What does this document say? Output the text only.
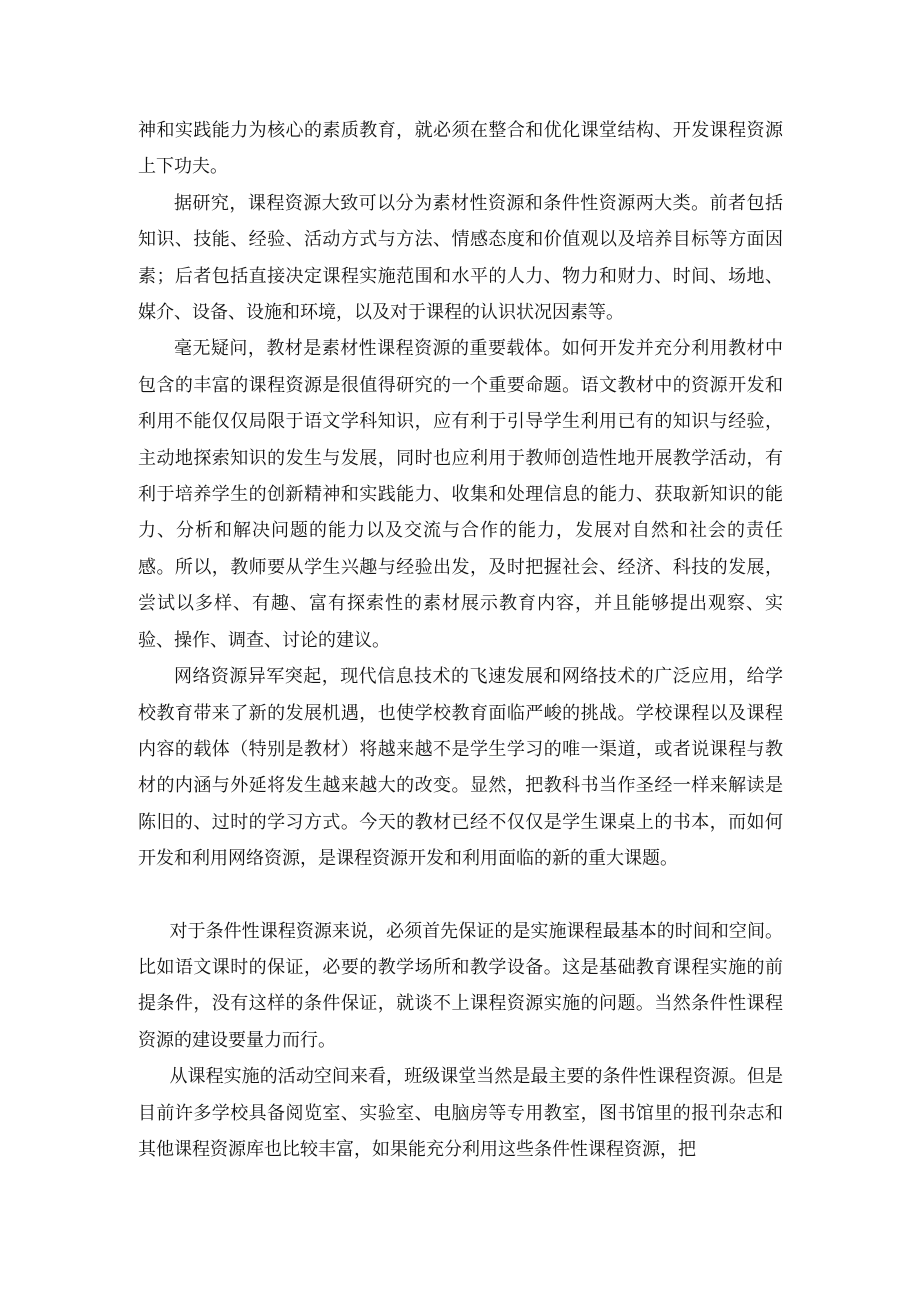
神和实践能力为核心的素质教育，就必须在整合和优化课堂结构、开发课程资源上下功夫。

据研究，课程资源大致可以分为素材性资源和条件性资源两大类。前者包括知识、技能、经验、活动方式与方法、情感态度和价值观以及培养目标等方面因素；后者包括直接决定课程实施范围和水平的人力、物力和财力、时间、场地、媒介、设备、设施和环境，以及对于课程的认识状况因素等。

毫无疑问，教材是素材性课程资源的重要载体。如何开发并充分利用教材中包含的丰富的课程资源是很值得研究的一个重要命题。语文教材中的资源开发和利用不能仅仅局限于语文学科知识，应有利于引导学生利用已有的知识与经验，主动地探索知识的发生与发展，同时也应利用于教师创造性地开展教学活动，有利于培养学生的创新精神和实践能力、收集和处理信息的能力、获取新知识的能力、分析和解决问题的能力以及交流与合作的能力，发展对自然和社会的责任感。所以，教师要从学生兴趣与经验出发，及时把握社会、经济、科技的发展，尝试以多样、有趣、富有探索性的素材展示教育内容，并且能够提出观察、实验、操作、调查、讨论的建议。

网络资源异军突起，现代信息技术的飞速发展和网络技术的广泛应用，给学校教育带来了新的发展机遇，也使学校教育面临严峻的挑战。学校课程以及课程内容的载体（特别是教材）将越来越不是学生学习的唯一渠道，或者说课程与教材的内涵与外延将发生越来越大的改变。显然，把教科书当作圣经一样来解读是陈旧的、过时的学习方式。今天的教材已经不仅仅是学生课桌上的书本，而如何开发和利用网络资源，是课程资源开发和利用面临的新的重大课题。

对于条件性课程资源来说，必须首先保证的是实施课程最基本的时间和空间。比如语文课时的保证，必要的教学场所和教学设备。这是基础教育课程实施的前提条件，没有这样的条件保证，就谈不上课程资源实施的问题。当然条件性课程资源的建设要量力而行。

从课程实施的活动空间来看，班级课堂当然是最主要的条件性课程资源。但是目前许多学校具备阅览室、实验室、电脑房等专用教室，图书馆里的报刊杂志和其他课程资源库也比较丰富，如果能充分利用这些条件性课程资源，把
